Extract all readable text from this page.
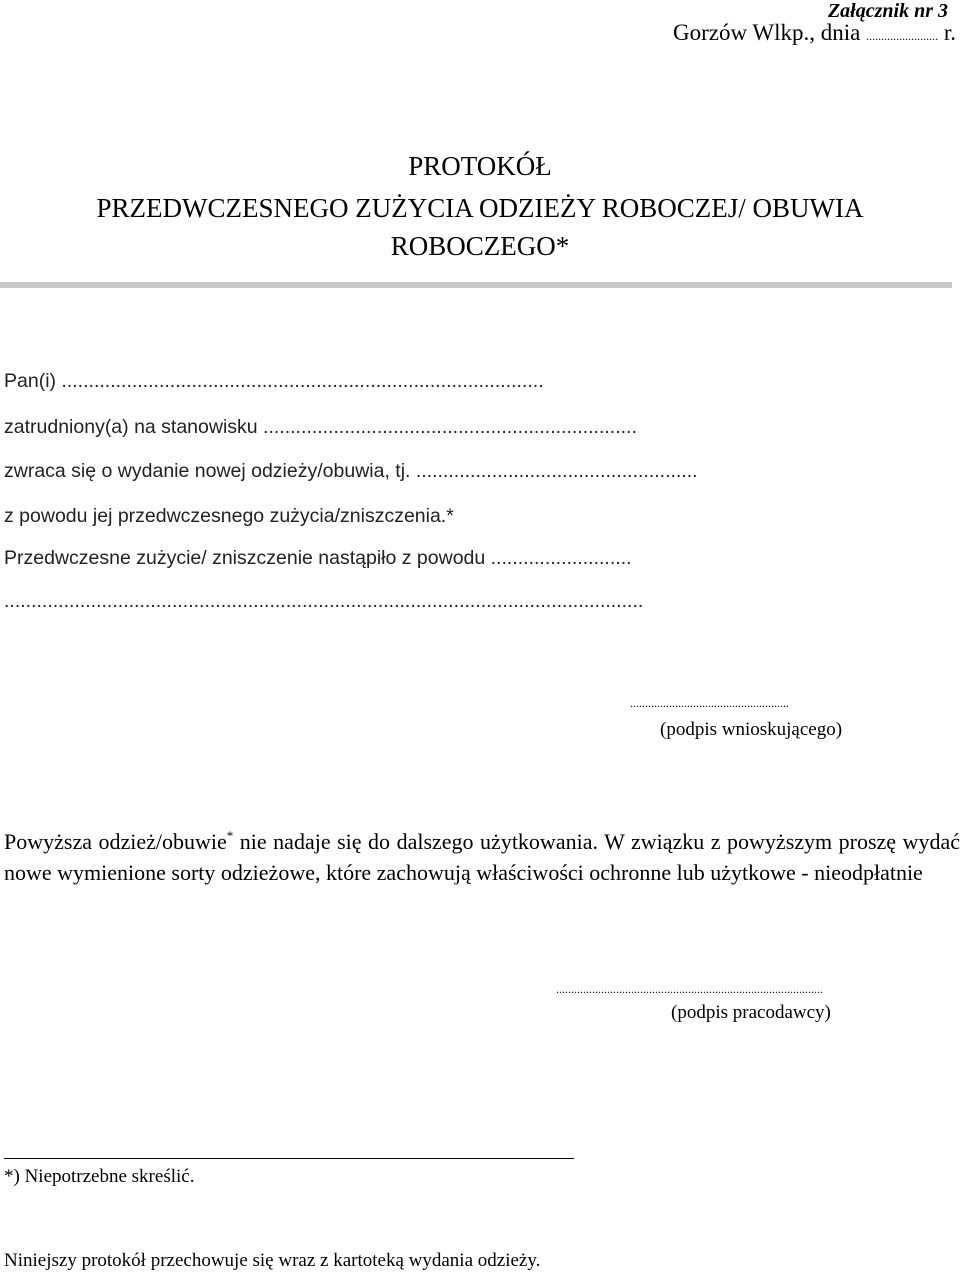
Załącznik nr 3
Gorzów Wlkp., dnia ........................ r.
PROTOKÓŁ
PRZEDWCZESNEGO ZUŻYCIA ODZIEŻY ROBOCZEJ/ OBUWIA
ROBOCZEGO*
Pan(i) .........................................................................................
zatrudniony(a) na stanowisku .....................................................................
zwraca się o wydanie nowej odzieży/obuwia, tj. ....................................................
z powodu jej przedwczesnego zużycia/zniszczenia.*
Przedwczesne zużycie/ zniszczenie nastąpiło z powodu ..........................
......................................................................................................................
.....................................................
(podpis wnioskującego)
Powyższa odzież/obuwie* nie nadaje się do dalszego użytkowania. W związku z powyższym proszę wydać nowe wymienione sorty odzieżowe, które zachowują właściwości ochronne lub użytkowe - nieodpłatnie
.........................................................................................
(podpis pracodawcy)
*) Niepotrzebne skreślić.
Niniejszy protokół przechowuje się wraz z kartoteką wydania odzieży.
